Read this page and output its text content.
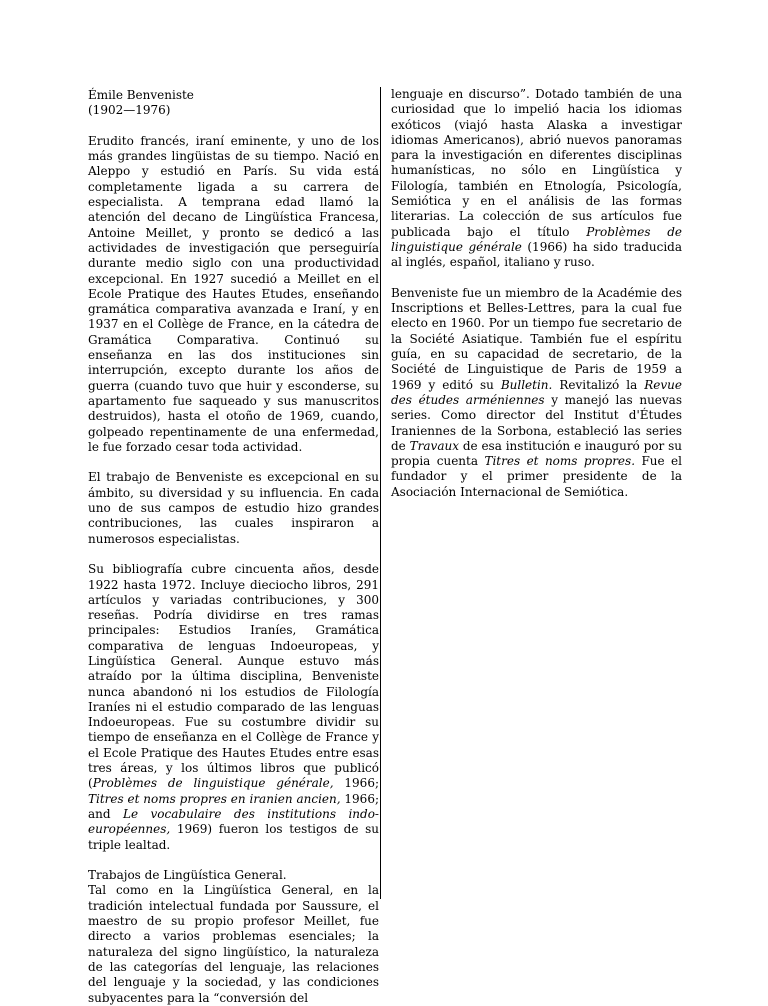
Émile Benveniste
(1902—1976)

Erudito francés, iraní eminente, y uno de los más grandes lingüistas de su tiempo. Nació en Aleppo y estudió en París. Su vida está completamente ligada a su carrera de especialista. A temprana edad llamó la atención del decano de Lingüística Francesa, Antoine Meillet, y pronto se dedicó a las actividades de investigación que perseguiría durante medio siglo con una productividad excepcional. En 1927 sucedió a Meillet en el Ecole Pratique des Hautes Etudes, enseñando gramática comparativa avanzada e Iraní, y en 1937 en el Collège de France, en la cátedra de Gramática Comparativa. Continuó su enseñanza en las dos instituciones sin interrupción, excepto durante los años de guerra (cuando tuvo que huir y esconderse, su apartamento fue saqueado y sus manuscritos destruidos), hasta el otoño de 1969, cuando, golpeado repentinamente de una enfermedad, le fue forzado cesar toda actividad.

El trabajo de Benveniste es excepcional en su ámbito, su diversidad y su influencia. En cada uno de sus campos de estudio hizo grandes contribuciones, las cuales inspiraron a numerosos especialistas.

Su bibliografía cubre cincuenta años, desde 1922 hasta 1972. Incluye dieciocho libros, 291 artículos y variadas contribuciones, y 300 reseñas. Podría dividirse en tres ramas principales: Estudios Iraníes, Gramática comparativa de lenguas Indoeuropeas, y Lingüística General. Aunque estuvo más atraído por la última disciplina, Benveniste nunca abandonó ni los estudios de Filología Iraníes ni el estudio comparado de las lenguas Indoeuropeas. Fue su costumbre dividir su tiempo de enseñanza en el Collège de France y el Ecole Pratique des Hautes Etudes entre esas tres áreas, y los últimos libros que publicó (Problèmes de linguistique générale, 1966; Titres et noms propres en iranien ancien, 1966; and Le vocabulaire des institutions indo-européennes, 1969) fueron los testigos de su triple lealtad.

Trabajos de Lingüística General.
Tal como en la Lingüística General, en la tradición intelectual fundada por Saussure, el maestro de su propio profesor Meillet, fue directo a varios problemas esenciales; la naturaleza del signo lingüístico, la naturaleza de las categorías del lenguaje, las relaciones del lenguaje y la sociedad, y las condiciones subyacentes para la “conversión del

lenguaje en discurso”. Dotado también de una curiosidad que lo impelió hacia los idiomas exóticos (viajó hasta Alaska a investigar idiomas Americanos), abrió nuevos panoramas para la investigación en diferentes disciplinas humanísticas, no sólo en Lingüística y Filología, también en Etnología, Psicología, Semiótica y en el análisis de las formas literarias. La colección de sus artículos fue publicada bajo el título Problèmes de linguistique générale (1966) ha sido traducida al inglés, español, italiano y ruso.

Benveniste fue un miembro de la Académie des Inscriptions et Belles-Lettres, para la cual fue electo en 1960. Por un tiempo fue secretario de la Société Asiatique. También fue el espíritu guía, en su capacidad de secretario, de la Société de Linguistique de Paris de 1959 a 1969 y editó su Bulletin. Revitalizó la Revue des études arméniennes y manejó las nuevas series. Como director del Institut d'Études Iraniennes de la Sorbona, estableció las series de Travaux de esa institución e inauguró por su propia cuenta Titres et noms propres. Fue el fundador y el primer presidente de la Asociación Internacional de Semiótica.
